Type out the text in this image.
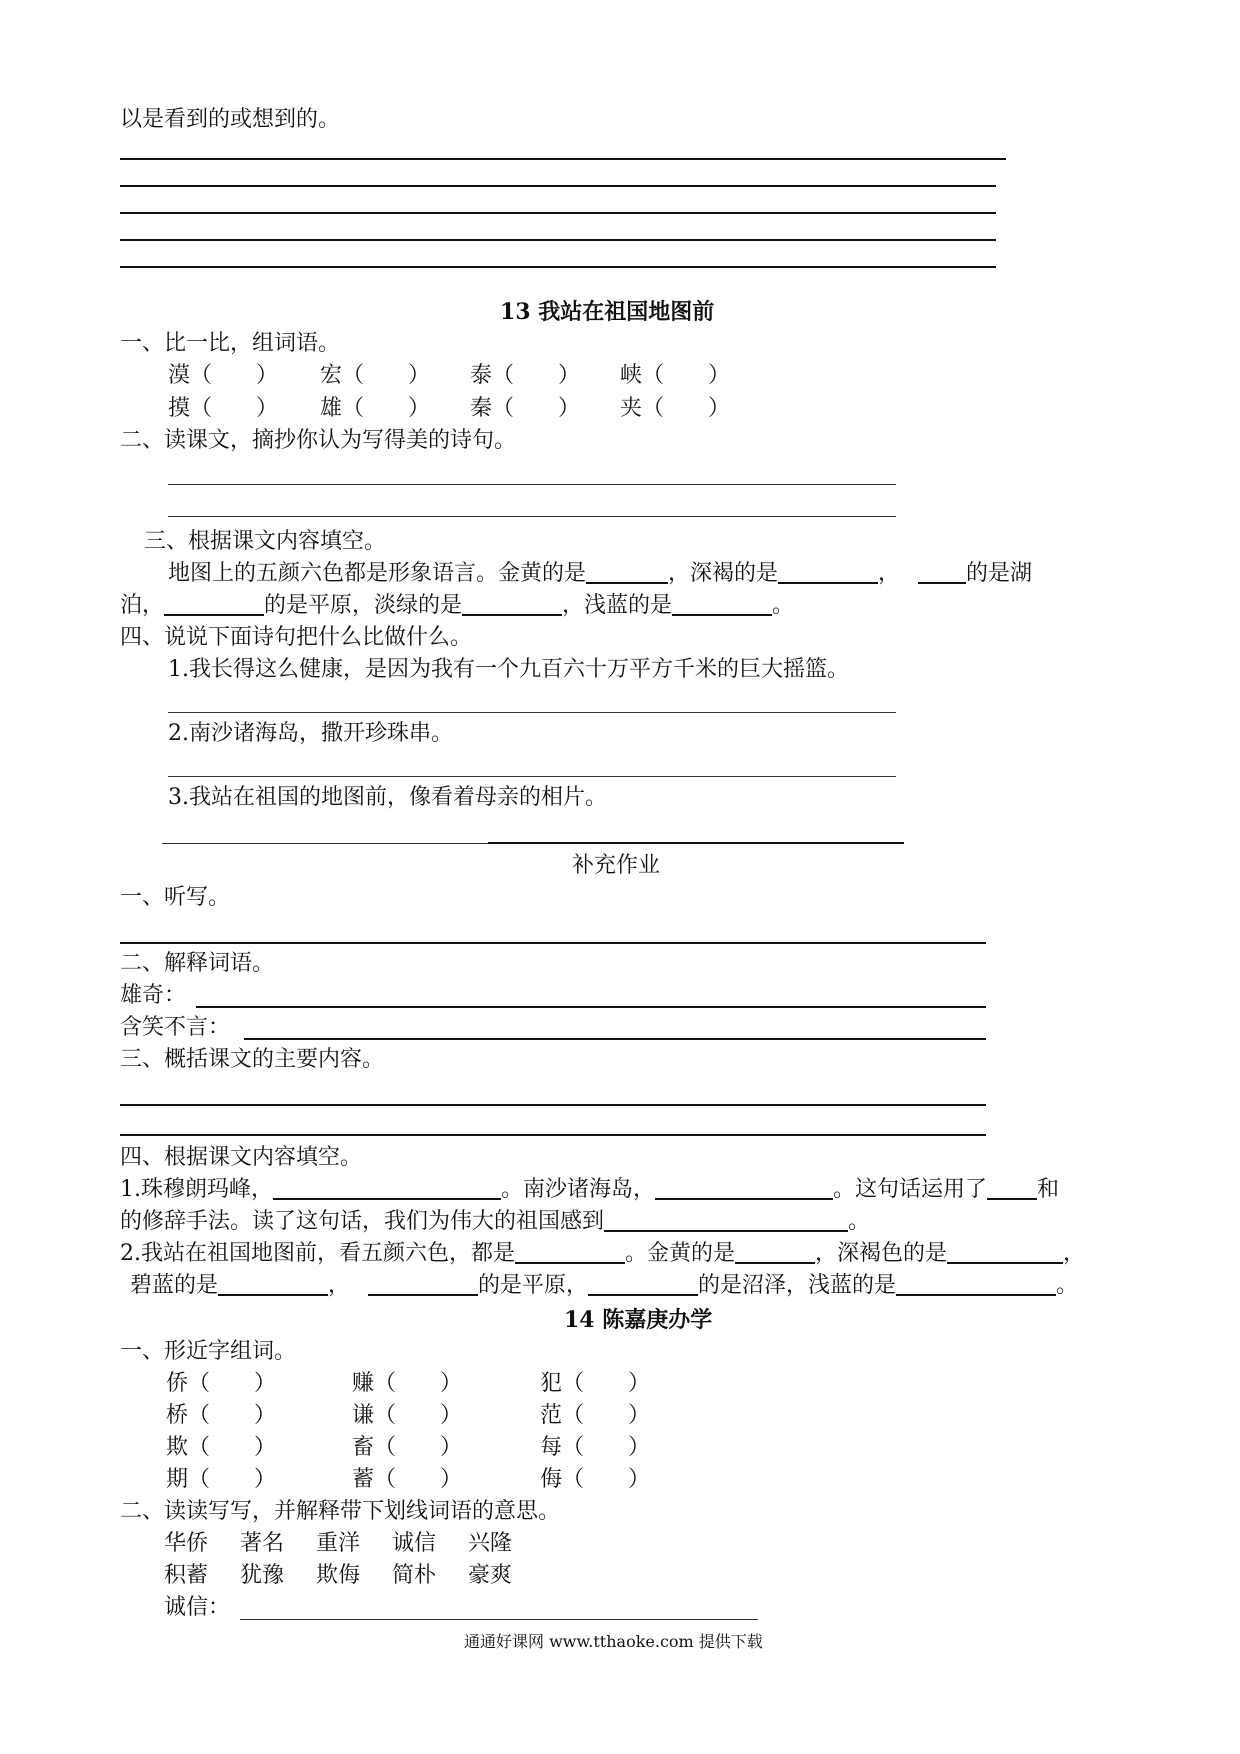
以是看到的或想到的。
13 我站在祖国地图前
一、比一比，组词语。
漠（　　） 宏（　　） 泰（　　） 峡（　　）
摸（　　） 雄（　　） 秦（　　） 夹（　　）
二、读课文，摘抄你认为写得美的诗句。
三、根据课文内容填空。
地图上的五颜六色都是形象语言。金黄的是	，深褐的是	，	的是湖
泊，	的是平原，淡绿的是	，浅蓝的是	。
四、说说下面诗句把什么比做什么。
1.我长得这么健康，是因为我有一个九百六十万平方千米的巨大摇篮。
2.南沙诸海岛，撒开珍珠串。
3.我站在祖国的地图前，像看着母亲的相片。
补充作业
一、听写。
二、解释词语。
雄奇：
含笑不言：
三、概括课文的主要内容。
四、根据课文内容填空。
1.珠穆朗玛峰，	。南沙诸海岛，	。这句话运用了 和
的修辞手法。读了这句话，我们为伟大的祖国感到	。
2.我站在祖国地图前，看五颜六色，都是	。金黄的是	，深褐色的是	，
碧蓝的是	，	的是平原，	的是沼泽，浅蓝的是	。
14 陈嘉庚办学
一、形近字组词。
侨（　　）	赚（　　）	犯（　　）
桥（　　）	谦（　　）	范（　　）
欺（　　）	畜（　　）	每（　　）
期（　　）	蓄（　　）	侮（　　）
二、读读写写，并解释带下划线词语的意思。
华侨 著名 重洋 诚信 兴隆
积蓄 犹豫 欺侮 简朴 豪爽
诚信：
通通好课网 www.tthaoke.com 提供下载
